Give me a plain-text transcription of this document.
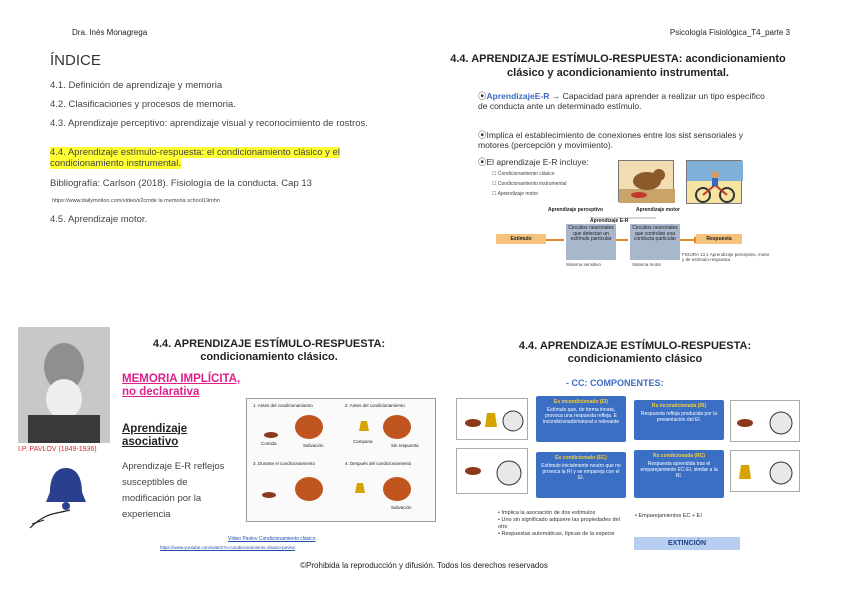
Dra. Inés Monagrega	Psicología Fisiológica_T4_parte 3
©Prohibida la reproducción y difusión. Todos los derechos reservados
ÍNDICE
4.1. Definición de aprendizaje y memoria
4.2. Clasificaciones y procesos de memoria.
4.3. Aprendizaje perceptivo: aprendizaje visual y reconocimiento de rostros.
4.4. Aprendizaje estímulo-respuesta: el condicionamiento clásico y el condicionamiento instrumental.
Bibliografía: Carlson (2018). Fisiología de la conducta. Cap 13
https://www.dailymotion.com/video/x2cmde la memoria school19mhn
4.5. Aprendizaje motor.
4.4. APRENDIZAJE ESTÍMULO-RESPUESTA: acondicionamiento clásico y acondicionamiento instrumental.
⦿AprendizajeE-R → Capacidad para aprender a realizar un tipo específico de conducta ante un determinado estímulo.
⦿Implica el establecimiento de conexiones entre los sist sensoriales y motores (percepción y movimiento).
⦿El aprendizaje E-R incluye:
☐ Condicionamiento clásico
☐ Condicionamiento instrumental
☐ Aprendizaje motor
Aprendizaje perceptivo	Aprendizaje motor
Aprendizaje E-R
Estímulo
Circuitos neuronales que detectan un estímulo particular
Circuitos neuronales que controlan una conducta particular	Respuesta
Sistema sensitivo	Sistema motor
FIGURA 13.1 Aprendizaje perceptivo, motor y de estímulo-respuesta.
I.P. PAVLOV (1849-1936)
4.4. APRENDIZAJE ESTÍMULO-RESPUESTA: condicionamiento clásico.
MEMORIA IMPLÍCITA, no declarativa
Aprendizaje asociativo
Aprendizaje E-R reflejos susceptibles de modificación por la experiencia
1. Antes del condicionamiento	2. Antes del condicionamiento
3. Durante el condicionamiento	4. Después del condicionamiento
Comida	Salivación
Campana
Sin respuesta
Salivación
Vídeo Pavlov Condicionamiento clásico
https://www.youtube.com/watch?v=condicionamiento-clasico-pavlov
4.4. APRENDIZAJE ESTÍMULO-RESPUESTA: condicionamiento clásico
- CC: COMPONENTES:
Es incondicionado (EI)
Estímulo que, de forma innata, provoca una respuesta refleja. E incondicionado/natural o relevante
Rs incondicionada (RI)
Respuesta refleja producida por la presentación del EI.
Es condicionado (EC)
Estímulo inicialmente neutro que no provoca la RI y se empareja con el EI.
Rs condicionada (RC)
Respuesta aprendida tras el emparejamiento EC-EI, similar a la RI.
• Implica la asociación de dos estímulos
• Uno sin significado adquiere las propiedades del otro
• Respuestas automáticas, típicas de la especie
• Emparejamientos EC + EI
EXTINCIÓN
